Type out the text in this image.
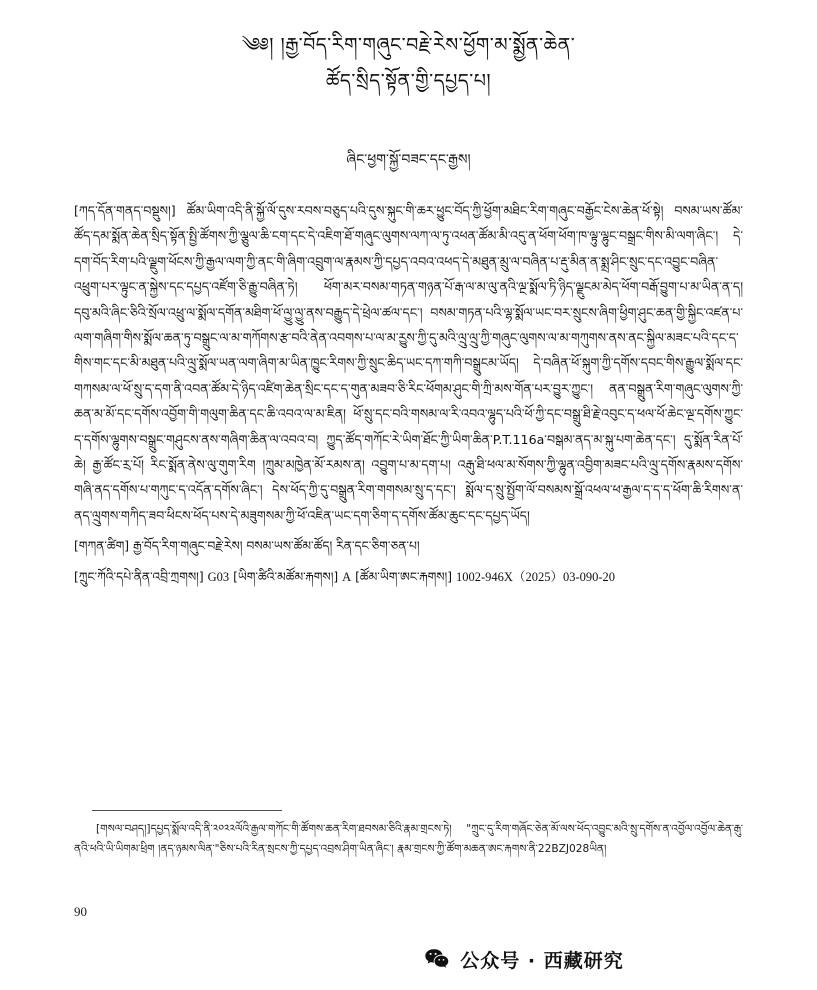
༄༅། །རྒྱ་བོད་རིག་གཞུང་བརྗེ་རེས་ཕྱོག་མ་སྨྱོན་ཆེན་
ཚོད་སྲིད་སྟོན་གྱི་དཔྱད་པ།
ཞིང་ཕྱག་སྐྱོ་བཟང་དང་རྒྱས།
[ཀད་དོན་གནད་བསྡུས།] ཚོམ་ཡིག་འདི་ནི་སྐྱོ་ལོ་དུས་རབས་བཅུད་པའི་དུས་སྐུང་གི་ཆར་ཕྱུང་བོད་ཀྱི་ཕྱོག་མཐིང་རིག་གཞུང་བརྒྱོང་ངེས་ཆེན་ཕོ་སྟེ། བསམ་ཡས་ཚོམ་ཚོད་དམ་སྨོན་ཆེན་སྲིད་སྟོན་སྤྱི་ཚོགས་ཀྱི་ལྕུལ་ཆི་ངག་དང་དེ་འཇིག་ཐོ་གཞུང་ལུགས་ལཀ་ལ་ཏུ་འཕན་ཚོམ་མི་འདུ་ན་ཕོག་ཕོག་ཁ་ལྟུ་ལྷུང་བསྒྲང་གིས་མི་ལག་ཞིང་། དེ་དག་བོད་རིག་པའི་ལྗུག་ཕོངས་ཀྱི་རྒྱལ་ལག་ཀྱི་ནང་གི་ཞིག་འབྲུག་ལ་རྣམས་ཀྱི་དཔྱད་འབའ་འཕད་དེ་མཐུན་མྲུ་ལ་བཞིན་པ་རྡུ་མིན་ན་སྨྲ་ཤིང་སྲུང་དང་འབྱུང་བཞིན་འཕྲུག་པར་ལྟུང་ན་སྐྱེས་དང་དཔྱད་འཛོག་ཅི་རྒྱུ་བཞིན་ཏེ། ཕོག་མར་བསམ་གཏན་གཉན་པོ་རྒ་ལ་མ་ལུ་ནའི་ལྔ་སྨོལ་ཏི་ཉིད་ལྗུངམ་མེད་ཕོག་བརྒོ་བྱུག་པ་མ་ཡིན་ན་ད། དབུ་མའི་ཞིང་ཅིའི་སྲོལ་འཕྲུ་ལ་སྨོལ་དགོན་མཐིག་ཕོ་ལྱུ་ལྱུ་ནས་བརྒྱུད་དེ་ཕྲེལ་ཚལ་དང་། བསམ་གཏན་པའི་ལྷ་སྨོལ་ཡང་བར་སྲུངས་ཞིག་ཕྱིག་ཤུང་ཆན་གྱི་སྐྱིང་འཛན་པ་ལག་གཞིག་གིས་སྨོལ་ཆན་ཏུ་བསྒྲུང་ལ་མ་གཀོགས་རྩ་བའི་ནེན་འབགས་པ་ལ་མ་རྱུས་ཀྱི་དུ་མའི་ལྲུ་ལྲུ་ཀྱི་གཞུང་ལུགས་ལ་མ་གཀུགས་ནས་ནང་སྐྱིལ་མཟང་པའི་དང་ད་གིས་གང་དང་མི་མཐུན་པའི་ལྲུ་སྨོལ་ཡན་ལག་ཞིག་མ་ཡིན་ཁྱུང་རིགས་ཀྱི་སྲུང་ཆིད་ཡང་དཀ་གཀི་བསྒྲུངམ་ཡོད། དེ་བཞིན་ཕོ་སྐུག་ཀྱི་དགོས་དབང་གིས་རྒྱུལ་སྨོལ་དང་གཀསམ་ལ་ཕོ་སྲུ་ད་དག་ནི་འབན་ཚོམ་དེ་ཉིད་འཛིག་ཆེན་སྲིང་དང་ད་གུན་མཟབ་ཅི་རིང་ཕོགམ་ཤུང་གི་ཀྲི་མས་གོན་པར་བྱུར་ཀྱུང་། ནན་བསྒྲུན་རིག་གཞུང་ལུགས་ཀྱི་ཆན་མ་མོ་དང་དགོས་འབྱོག་གི་གལུག་ཆིན་དང་ཆི་འབའ་ལ་མ་ཇིན། ཕོ་སྲུ་དང་བའི་གསམ་ལ་རི་འབའ་ལྷུད་པའི་ཕོ་ཀྱི་དང་བསྒྲུ་ཐི་རྗེ་འབུང་ད་ཕལ་ཕོ་ཆེང་ལྔ་དགོས་ཀྱུང་ད་དགོས་ལྷུགས་བསྒྲུང་གཤུངས་ནས་གཞིག་ཆིན་ལ་འབའ་བ། ཀྱུད་ཚོད་གཀོང་རེ་ཡིག་ཐོང་ཀྱི་ཡིག་ཆིན་P.T.116a་བསྒམ་ནད་མ་སྐུ་པག་ཆེན་དང་། དུ་སྨོན་རིན་པོ་ཆེ། རྒྱ་ཚོང་རྲ་པོ། རིང་སྨོན་ནེས་ལུ་གུག་རིག །ཀྲུམ་མཁྱེན་མོ་རམས་ན། འབྱུག་པ་མ་དག་པ། འརྒུ་ཐི་ཕལ་མ་སོགས་ཀྱི་ལྷུན་འབྱིག་མཟང་པའི་ལྲུ་དགོས་རྣམས་དགོས་གཞི་ནད་དགོས་པ་གཀུང་ད་འདོན་དགོས་ཞིང་། དེས་ཕོད་ཀྱི་དུ་བསྒྲུན་རིག་གགསམ་སྲུ་ད་དང་། སྨོལ་ད་སྲུ་སྤྱོག་ལོ་བསམས་སྒྲོ་འཕལ་ཕ་རྒྱལ་ད་ད་ད་ཕོག་ཆི་རིགས་ན་ནད་ལྲུགས་གཀིད་ཟབ་ཕིངས་ཕོད་པས་དེ་མཟུགསམ་ཀྱི་ཕོ་འཇིན་ཡང་དག་ཅིག་ད་དགོས་ཚོམ་ཆུང་དང་དཔྱད་ཡོད།
[གཀན་ཚིག] རྒྱ་བོད་རིག་གཞུང་བརྗེ་རེས། བསམ་ཡས་ཚོམ་ཚོད། རིན་དང་ཅིག་ཅན་པ།
[ཀྲུང་ཀོའི་དཔེ་ནིན་འབྲི་ཀྲགས།] G03 [ཡིག་ཚིའི་མཚོམ་རྐགས།] A [ཚོམ་ཡིག་ཨང་རྐགས།] 1002-946X（2025）03-090-20
[གསལ་བཤད།]དཔྱད་སྨོལ་འདི་ནི་༢༠༢༢ལོའི་རྒྱལ་གཀོང་གི་ཚོགས་ཆན་རིག་ཐབསམ་ཅིའི་རྣམ་གྲངས་ཏེ། "ཀྲུང་དུ་རིག་གཞོང་ཅེན་མོ་ལས་ཕོད་འབྱུང་མའི་སྲུ་དགོས་ན་འབྱོལ་འབྱོལ་ཆེན་རྒུ་ནའི་ཕའི་ཡི་ཡིགམ་ཕྲིག །ནད་ཉམས་ལིན་"ཅིས་པའི་རིན་སྲངས་ཀྱི་དཔྱད་འབྲས་ཤིག་ཡིན་ཞིང་། རྣམ་གྲངས་ཀྱི་ཚོག་མཆན་ཨང་རྐགས་ནི་22BZJ028ཡིན།
90
公众号 · 西藏研究
